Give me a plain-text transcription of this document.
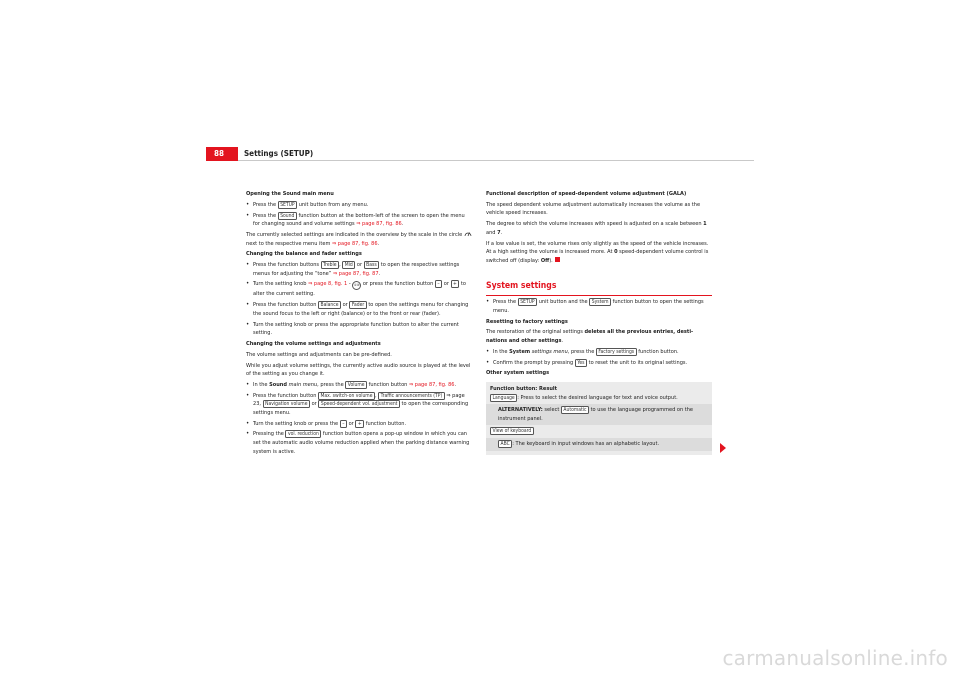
88 Settings (SETUP)

Opening the Sound main menu

• Press the SETUP unit button from any menu.

• Press the Sound function button at the bottom-left of the screen to open the menu for changing sound and volume settings ⇒ page 87, fig. 86.

The currently selected settings are indicated in the overview by the scale in the circle  next to the respective menu item ⇒ page 87, fig. 86.

Changing the balance and fader settings

• Press the function buttons Treble , Mid or Bass to open the respective settings menus for adjusting the “tone” ⇒ page 87, fig. 87.

• Turn the setting knob ⇒ page 8, fig. 1 - ①④ or press the function button – or + to alter the current setting.

• Press the function button Balance or Fader to open the settings menu for changing the sound focus to the left or right (balance) or to the front or rear (fader).

• Turn the setting knob or press the appropriate function button to alter the current setting.

Changing the volume settings and adjustments

The volume settings and adjustments can be pre-defined.

While you adjust volume settings, the currently active audio source is played at the level of the setting as you change it.

• In the Sound main menu, press the Volume function button ⇒ page 87, fig. 86.

• Press the function button Max. switch-on volume , Traffic announcements (TP) ⇒ page 23, Navigation volume or Speed-dependent vol. adjustment to open the corresponding settings menu.

• Turn the setting knob or press the – or + function button.

• Pressing the vol. reduction function button opens a pop-up window in which you can set the automatic audio volume reduction applied when the parking distance warning system is active.

Functional description of speed-dependent volume adjustment (GALA)

The speed dependent volume adjustment automatically increases the volume as the vehicle speed increases.

The degree to which the volume increases with speed is adjusted on a scale between 1 and 7.

If a low value is set, the volume rises only slightly as the speed of the vehicle increases. At a high setting the volume is increased more. At 0 speed-dependent volume control is switched off (display: Off).

System settings

• Press the SETUP unit button and the System function button to open the settings menu.

Resetting to factory settings

The restoration of the original settings deletes all the previous entries, destinations and other settings.

• In the System settings menu, press the Factory settings function button.

• Confirm the prompt by pressing Yes to reset the unit to its original settings.

Other system settings

Function button: Result
Language : Press to select the desired language for text and voice output.
ALTERNATIVELY: select Automatic to use the language programmed on the instrument panel.
View of keyboard
ABC : The keyboard in input windows has an alphabetic layout.
carmanualsonline.info
